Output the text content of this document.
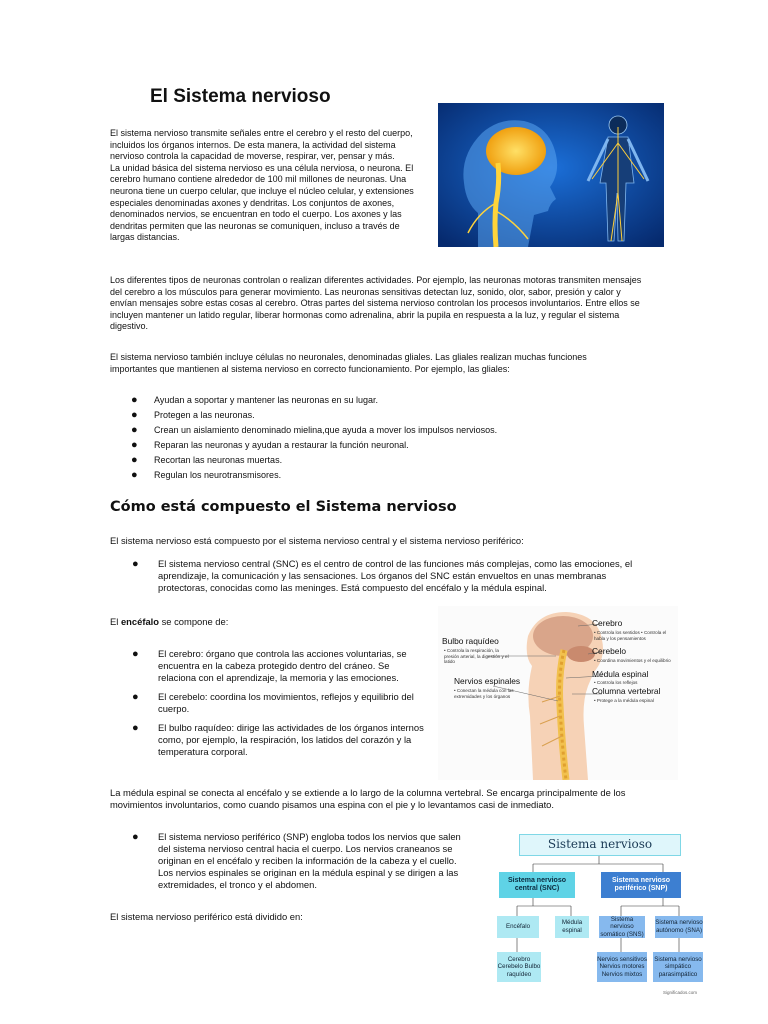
El Sistema nervioso
El sistema nervioso transmite señales entre el cerebro y el resto del cuerpo, incluidos los órganos internos. De esta manera, la actividad del sistema nervioso controla la capacidad de moverse, respirar, ver, pensar y más.
La unidad básica del sistema nervioso es una célula nerviosa, o neurona. El cerebro humano contiene alrededor de 100 mil millones de neuronas. Una neurona tiene un cuerpo celular, que incluye el núcleo celular, y extensiones especiales denominadas axones y dendritas. Los conjuntos de axones, denominados nervios, se encuentran en todo el cuerpo. Los axones y las dendritas permiten que las neuronas se comuniquen, incluso a través de largas distancias.
Los diferentes tipos de neuronas controlan o realizan diferentes actividades. Por ejemplo, las neuronas motoras transmiten mensajes del cerebro a los músculos para generar movimiento. Las neuronas sensitivas detectan luz, sonido, olor, sabor, presión y calor y envían mensajes sobre estas cosas al cerebro. Otras partes del sistema nervioso controlan los procesos involuntarios. Entre ellos se incluyen mantener un latido regular, liberar hormonas como adrenalina, abrir la pupila en respuesta a la luz, y regular el sistema digestivo.
El sistema nervioso también incluye células no neuronales, denominadas gliales. Las gliales realizan muchas funciones importantes que mantienen al sistema nervioso en correcto funcionamiento. Por ejemplo, las gliales:
● Ayudan a soportar y mantener las neuronas en su lugar.
● Protegen a las neuronas.
● Crean un aislamiento denominado mielina,que ayuda a mover los impulsos nerviosos.
● Reparan las neuronas y ayudan a restaurar la función neuronal.
● Recortan las neuronas muertas.
● Regulan los neurotransmisores.
Cómo está compuesto el Sistema nervioso
El sistema nervioso está compuesto por el sistema nervioso central y el sistema nervioso periférico:
● El sistema nervioso central (SNC) es el centro de control de las funciones más complejas, como las emociones, el aprendizaje, la comunicación y las sensaciones. Los órganos del SNC están envueltos en unas membranas protectoras, conocidas como las meninges. Está compuesto del encéfalo y la médula espinal.
El encéfalo se compone de:
● El cerebro: órgano que controla las acciones voluntarias, se encuentra en la cabeza protegido dentro del cráneo. Se relaciona con el aprendizaje, la memoria y las emociones.
● El cerebelo: coordina los movimientos, reflejos y equilibrio del cuerpo.
● El bulbo raquídeo: dirige las actividades de los órganos internos como, por ejemplo, la respiración, los latidos del corazón y la temperatura corporal.
Bulbo raquídeo
• Controla la respiración, la presión arterial, la digestión y el latido
Nervios espinales
• Conectan la médula con las extremidades y los órganos
Cerebro
• Controla los sentidos • Controla el habla y los pensamientos
Cerebelo
• Coordina movimientos y el equilibrio
Médula espinal
• Controla los reflejos
Columna vertebral
• Protege a la médula espinal
La médula espinal se conecta al encéfalo y se extiende a lo largo de la columna vertebral. Se encarga principalmente de los movimientos involuntarios, como cuando pisamos una espina con el pie y lo levantamos casi de inmediato.
● El sistema nervioso periférico (SNP) engloba todos los nervios que salen del sistema nervioso central hacia el cuerpo. Los nervios craneanos se originan en el encéfalo y reciben la información de la cabeza y el cuello. Los nervios espinales se originan en la médula espinal y se dirigen a las extremidades, el tronco y el abdomen.
El sistema nervioso periférico está dividido en:
Sistema nervioso
Sistema nervioso central (SNC)
Sistema nervioso periférico (SNP)
Encéfalo
Médula espinal
Sistema nervioso somático (SNS)
Sistema nervioso autónomo (SNA)
Cerebro Cerebelo Bulbo raquídeo
Nervios sensitivos Nervios motores Nervios mixtos
Sistema nervioso simpático parasimpático
Significados.com
